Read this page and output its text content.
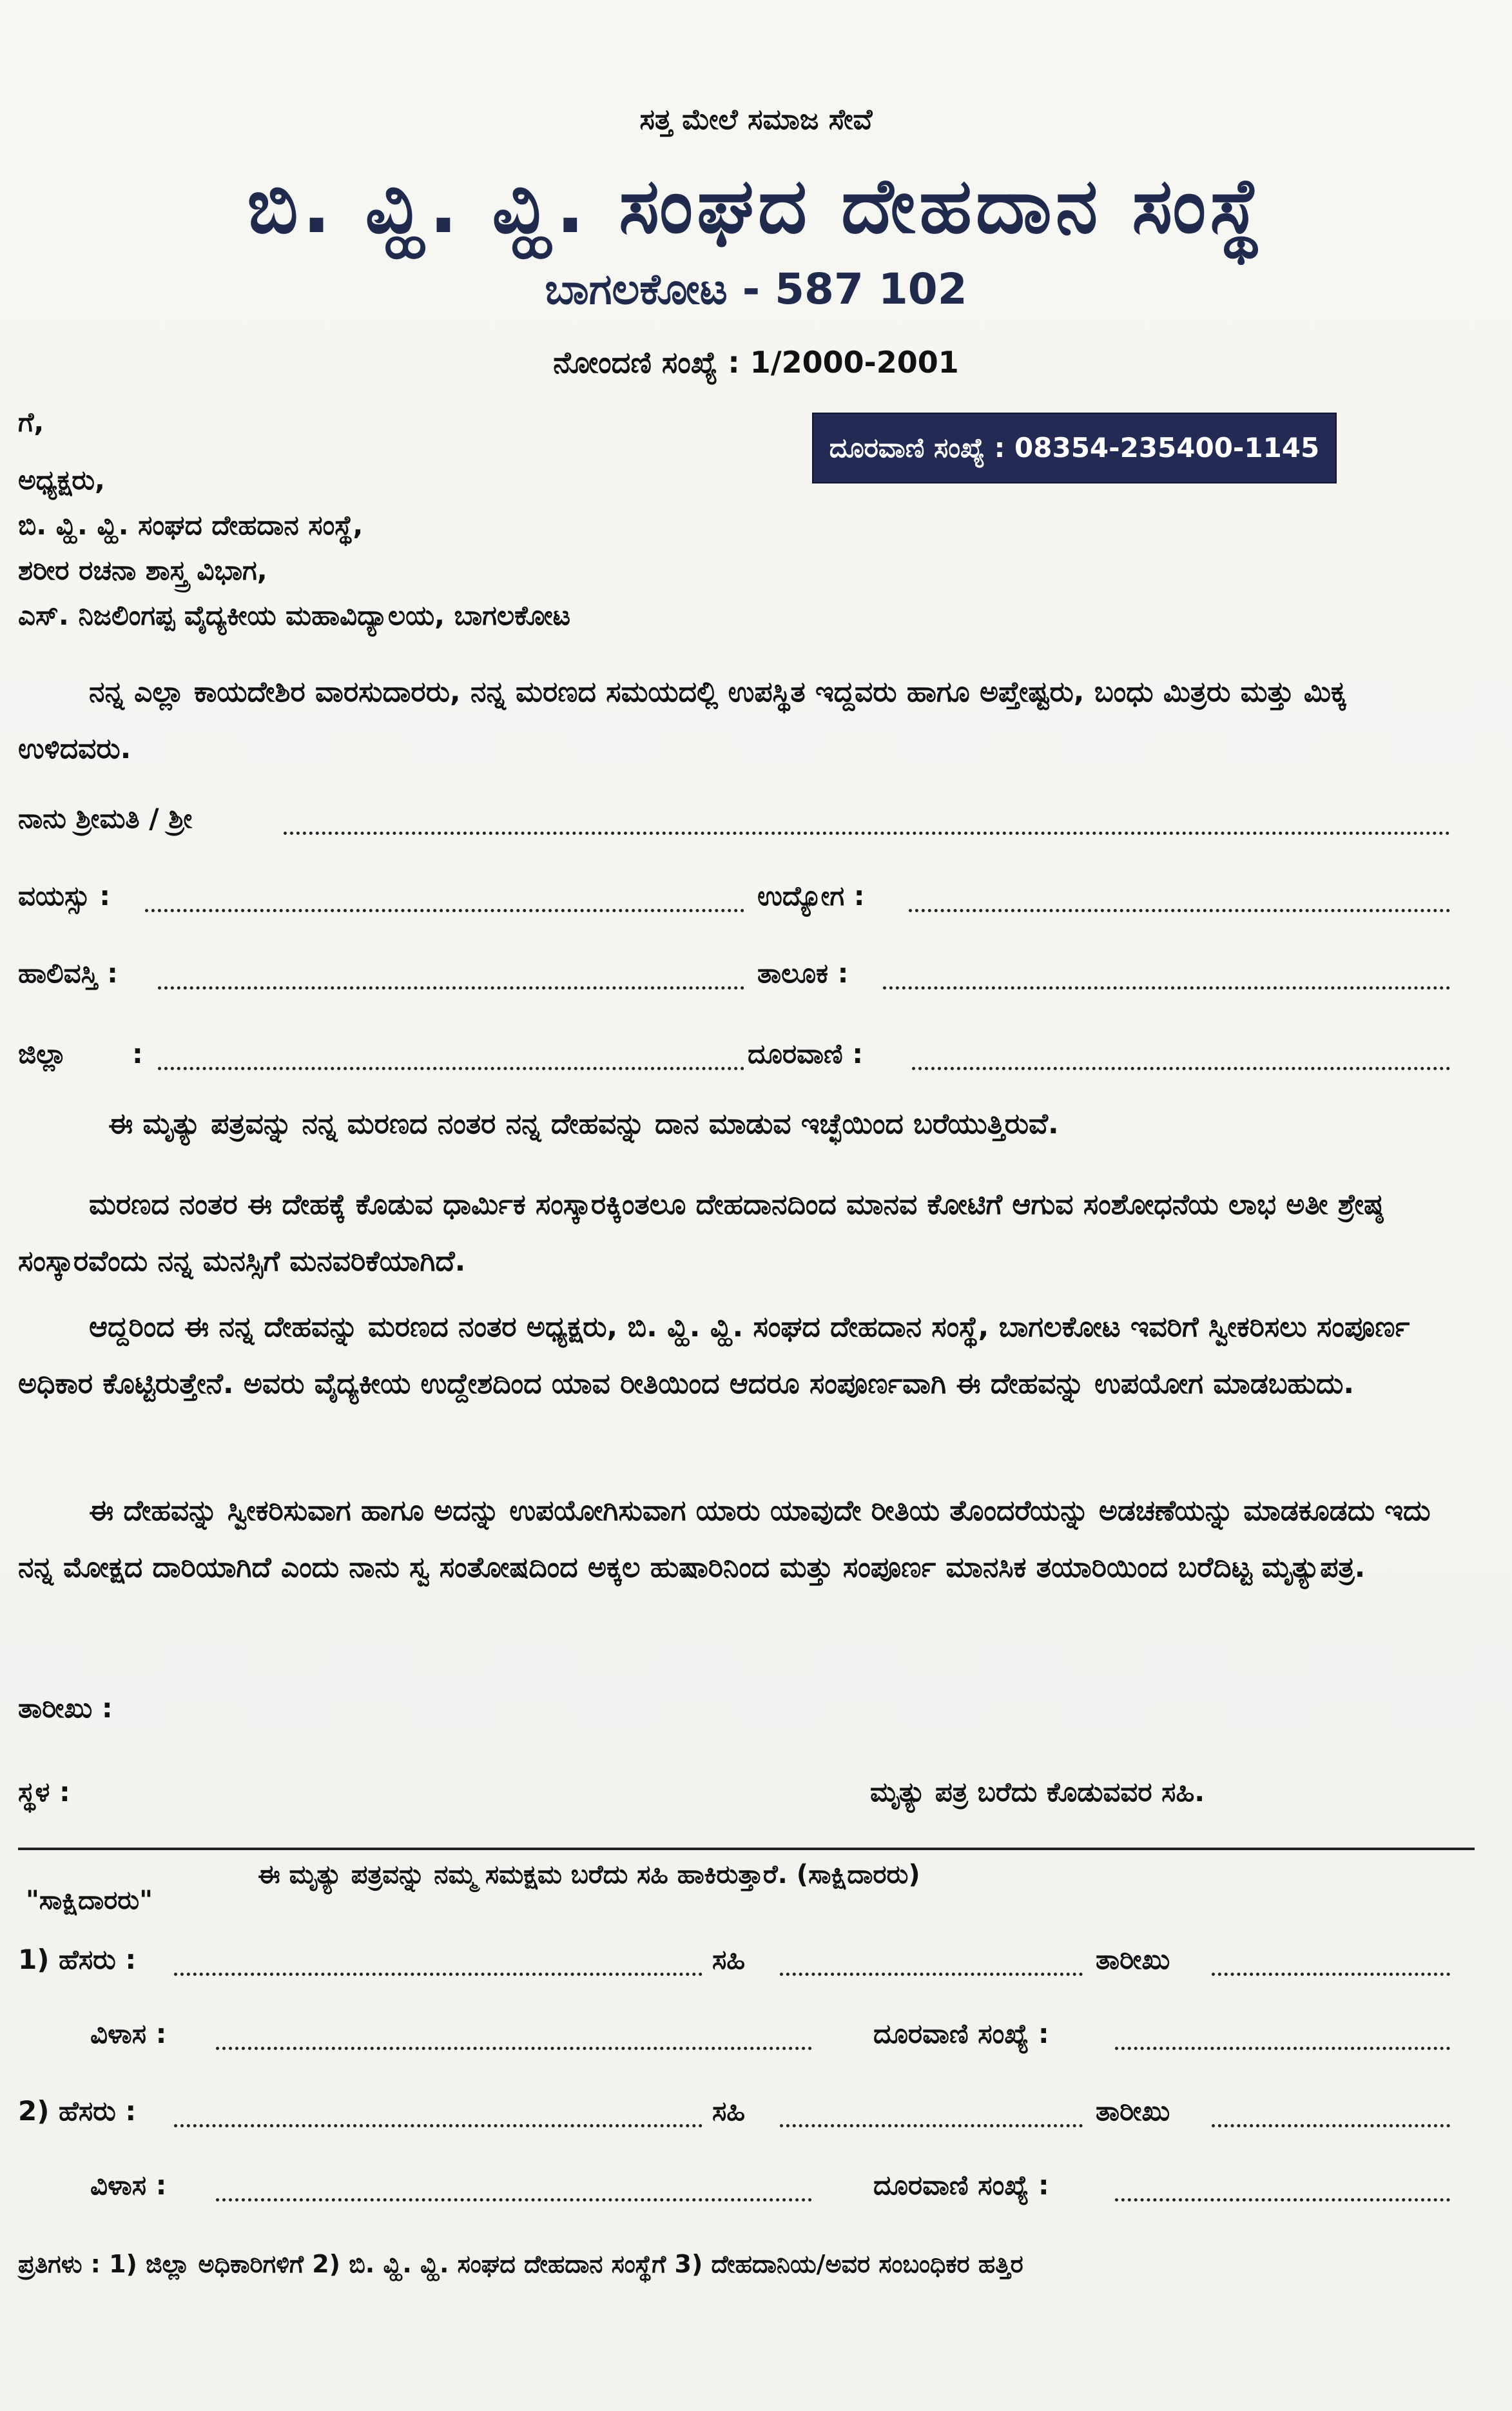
ಸತ್ತ ಮೇಲೆ ಸಮಾಜ ಸೇವೆ
ಬಿ. ವ್ಹಿ. ವ್ಹಿ. ಸಂಘದ ದೇಹದಾನ ಸಂಸ್ಥೆ
ಬಾಗಲಕೋಟ - 587 102
ನೋಂದಣಿ ಸಂಖ್ಯೆ : 1/2000-2001
ದೂರವಾಣಿ ಸಂಖ್ಯೆ : 08354-235400-1145
ಗೆ,
ಅಧ್ಯಕ್ಷರು,
ಬಿ. ವ್ಹಿ. ವ್ಹಿ. ಸಂಘದ ದೇಹದಾನ ಸಂಸ್ಥೆ,
ಶರೀರ ರಚನಾ ಶಾಸ್ತ್ರ ವಿಭಾಗ,
ಎಸ್. ನಿಜಲಿಂಗಪ್ಪ ವೈದ್ಯಕೀಯ ಮಹಾವಿದ್ಯಾಲಯ, ಬಾಗಲಕೋಟ
ನನ್ನ ಎಲ್ಲಾ ಕಾಯದೇಶಿರ ವಾರಸುದಾರರು, ನನ್ನ ಮರಣದ ಸಮಯದಲ್ಲಿ ಉಪಸ್ಥಿತ ಇದ್ದವರು ಹಾಗೂ ಅಪ್ತೇಷ್ಟರು, ಬಂಧು ಮಿತ್ರರು ಮತ್ತು ಮಿಕ್ಕ ಉಳಿದವರು.
ನಾನು ಶ್ರೀಮತಿ / ಶ್ರೀ
ವಯಸ್ಸು :	ಉದ್ಯೋಗ :
ಹಾಲಿವಸ್ತಿ :	ತಾಲೂಕ :
ಜಿಲ್ಲಾ :	ದೂರವಾಣಿ :
ಈ ಮೃತ್ಯು ಪತ್ರವನ್ನು ನನ್ನ ಮರಣದ ನಂತರ ನನ್ನ ದೇಹವನ್ನು ದಾನ ಮಾಡುವ ಇಚ್ಛೆಯಿಂದ ಬರೆಯುತ್ತಿರುವೆ.
ಮರಣದ ನಂತರ ಈ ದೇಹಕ್ಕೆ ಕೊಡುವ ಧಾರ್ಮಿಕ ಸಂಸ್ಕಾರಕ್ಕಿಂತಲೂ ದೇಹದಾನದಿಂದ ಮಾನವ ಕೋಟಿಗೆ ಆಗುವ ಸಂಶೋಧನೆಯ ಲಾಭ ಅತೀ ಶ್ರೇಷ್ಠ ಸಂಸ್ಕಾರವೆಂದು ನನ್ನ ಮನಸ್ಸಿಗೆ ಮನವರಿಕೆಯಾಗಿದೆ.
ಆದ್ದರಿಂದ ಈ ನನ್ನ ದೇಹವನ್ನು ಮರಣದ ನಂತರ ಅಧ್ಯಕ್ಷರು, ಬಿ. ವ್ಹಿ. ವ್ಹಿ. ಸಂಘದ ದೇಹದಾನ ಸಂಸ್ಥೆ, ಬಾಗಲಕೋಟ ಇವರಿಗೆ ಸ್ವೀಕರಿಸಲು ಸಂಪೂರ್ಣ ಅಧಿಕಾರ ಕೊಟ್ಟಿರುತ್ತೇನೆ. ಅವರು ವೈದ್ಯಕೀಯ ಉದ್ದೇಶದಿಂದ ಯಾವ ರೀತಿಯಿಂದ ಆದರೂ ಸಂಪೂರ್ಣವಾಗಿ ಈ ದೇಹವನ್ನು ಉಪಯೋಗ ಮಾಡಬಹುದು.
ಈ ದೇಹವನ್ನು ಸ್ವೀಕರಿಸುವಾಗ ಹಾಗೂ ಅದನ್ನು ಉಪಯೋಗಿಸುವಾಗ ಯಾರು ಯಾವುದೇ ರೀತಿಯ ತೊಂದರೆಯನ್ನು ಅಡಚಣೆಯನ್ನು ಮಾಡಕೂಡದು ಇದು ನನ್ನ ಮೋಕ್ಷದ ದಾರಿಯಾಗಿದೆ ಎಂದು ನಾನು ಸ್ವ ಸಂತೋಷದಿಂದ ಅಕ್ಕಲ ಹುಷಾರಿನಿಂದ ಮತ್ತು ಸಂಪೂರ್ಣ ಮಾನಸಿಕ ತಯಾರಿಯಿಂದ ಬರೆದಿಟ್ಟ ಮೃತ್ಯುಪತ್ರ.
ತಾರೀಖು :
ಸ್ಥಳ :	ಮೃತ್ಯು ಪತ್ರ ಬರೆದು ಕೊಡುವವರ ಸಹಿ.
ಈ ಮೃತ್ಯು ಪತ್ರವನ್ನು ನಮ್ಮ ಸಮಕ್ಷಮ ಬರೆದು ಸಹಿ ಹಾಕಿರುತ್ತಾರೆ. (ಸಾಕ್ಷಿದಾರರು)
"ಸಾಕ್ಷಿದಾರರು"
1) ಹೆಸರು :	ಸಹಿ	ತಾರೀಖು
ವಿಳಾಸ :	ದೂರವಾಣಿ ಸಂಖ್ಯೆ :
2) ಹೆಸರು :	ಸಹಿ	ತಾರೀಖು
ವಿಳಾಸ :	ದೂರವಾಣಿ ಸಂಖ್ಯೆ :
ಪ್ರತಿಗಳು : 1) ಜಿಲ್ಲಾ ಅಧಿಕಾರಿಗಳಿಗೆ 2) ಬಿ. ವ್ಹಿ. ವ್ಹಿ. ಸಂಘದ ದೇಹದಾನ ಸಂಸ್ಥೆಗೆ 3) ದೇಹದಾನಿಯ/ಅವರ ಸಂಬಂಧಿಕರ ಹತ್ತಿರ
